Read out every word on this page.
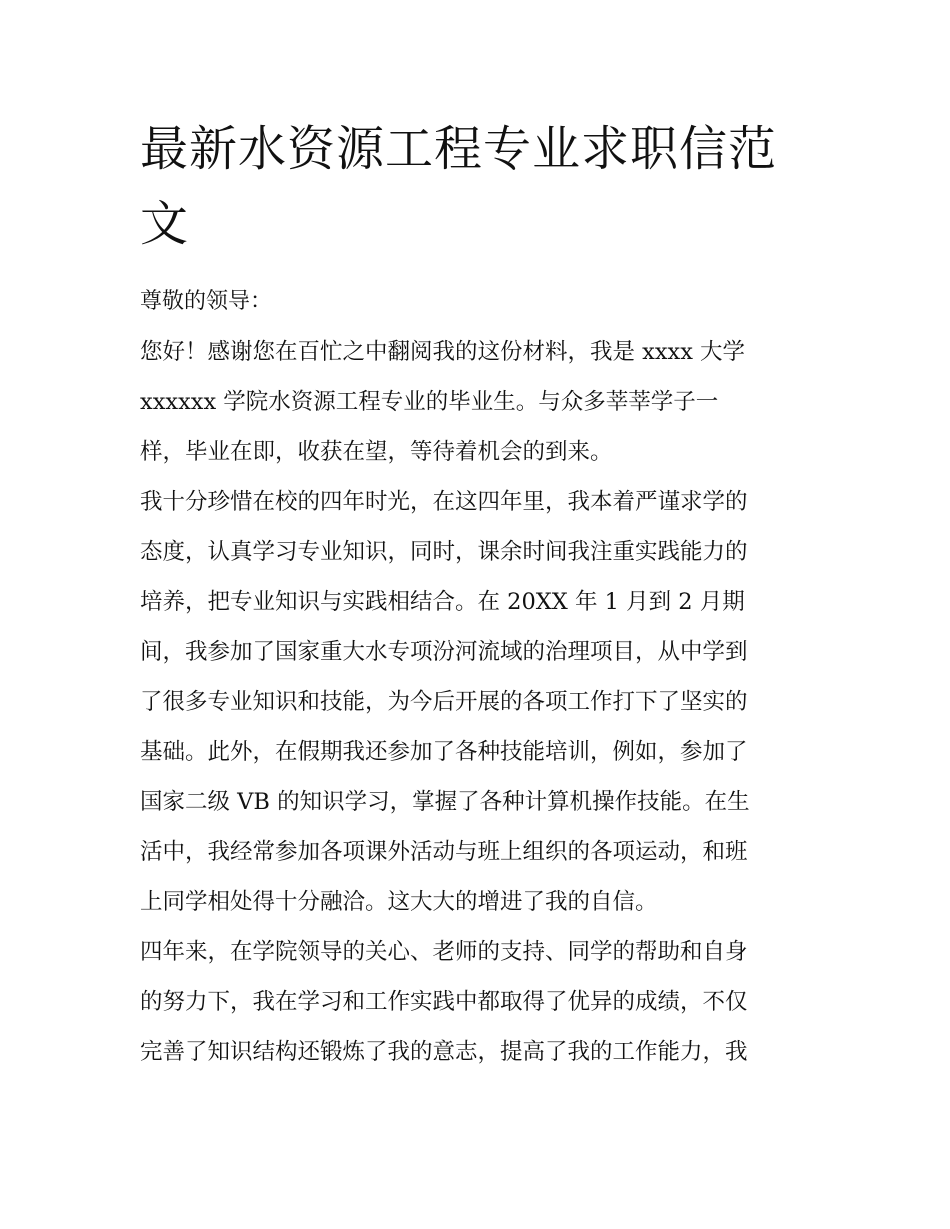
最新水资源工程专业求职信范文

尊敬的领导：

您好！感谢您在百忙之中翻阅我的这份材料，我是 xxxx 大学

xxxxxx 学院水资源工程专业的毕业生。与众多莘莘学子一

样，毕业在即，收获在望，等待着机会的到来。

我十分珍惜在校的四年时光，在这四年里，我本着严谨求学的

态度，认真学习专业知识，同时，课余时间我注重实践能力的

培养，把专业知识与实践相结合。在 20XX 年 1 月到 2 月期

间，我参加了国家重大水专项汾河流域的治理项目，从中学到

了很多专业知识和技能，为今后开展的各项工作打下了坚实的

基础。此外，在假期我还参加了各种技能培训，例如，参加了

国家二级 VB 的知识学习，掌握了各种计算机操作技能。在生

活中，我经常参加各项课外活动与班上组织的各项运动，和班

上同学相处得十分融洽。这大大的增进了我的自信。

四年来，在学院领导的关心、老师的支持、同学的帮助和自身

的努力下，我在学习和工作实践中都取得了优异的成绩，不仅

完善了知识结构还锻炼了我的意志，提高了我的工作能力，我
